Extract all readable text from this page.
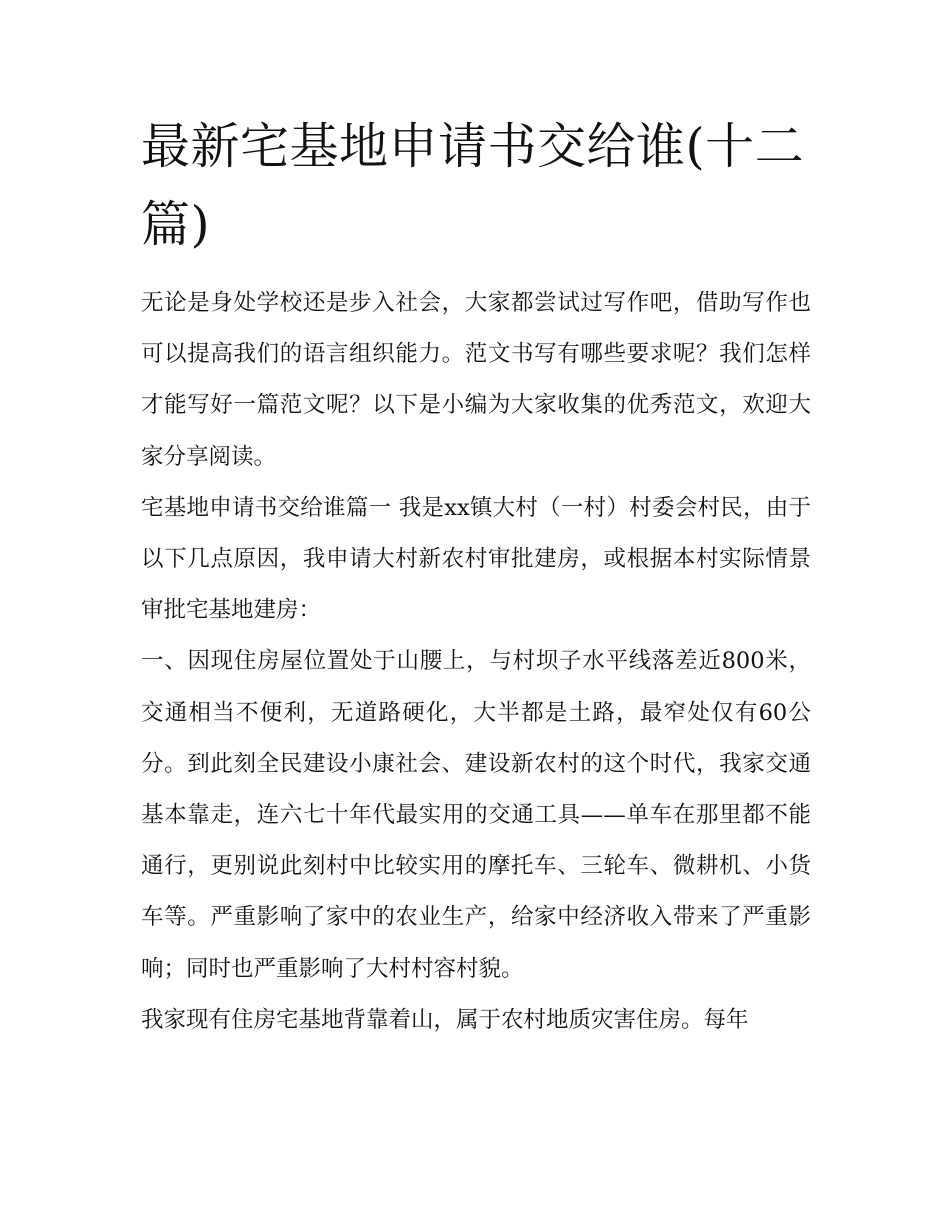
最新宅基地申请书交给谁(十二篇)

无论是身处学校还是步入社会，大家都尝试过写作吧，借助写作也可以提高我们的语言组织能力。范文书写有哪些要求呢？我们怎样才能写好一篇范文呢？以下是小编为大家收集的优秀范文，欢迎大家分享阅读。

宅基地申请书交给谁篇一 我是xx镇大村（一村）村委会村民，由于以下几点原因，我申请大村新农村审批建房，或根据本村实际情景审批宅基地建房：

一、因现住房屋位置处于山腰上，与村坝子水平线落差近800米，交通相当不便利，无道路硬化，大半都是土路，最窄处仅有60公分。到此刻全民建设小康社会、建设新农村的这个时代，我家交通基本靠走，连六七十年代最实用的交通工具——单车在那里都不能通行，更别说此刻村中比较实用的摩托车、三轮车、微耕机、小货车等。严重影响了家中的农业生产，给家中经济收入带来了严重影响；同时也严重影响了大村村容村貌。

我家现有住房宅基地背靠着山，属于农村地质灾害住房。每年
